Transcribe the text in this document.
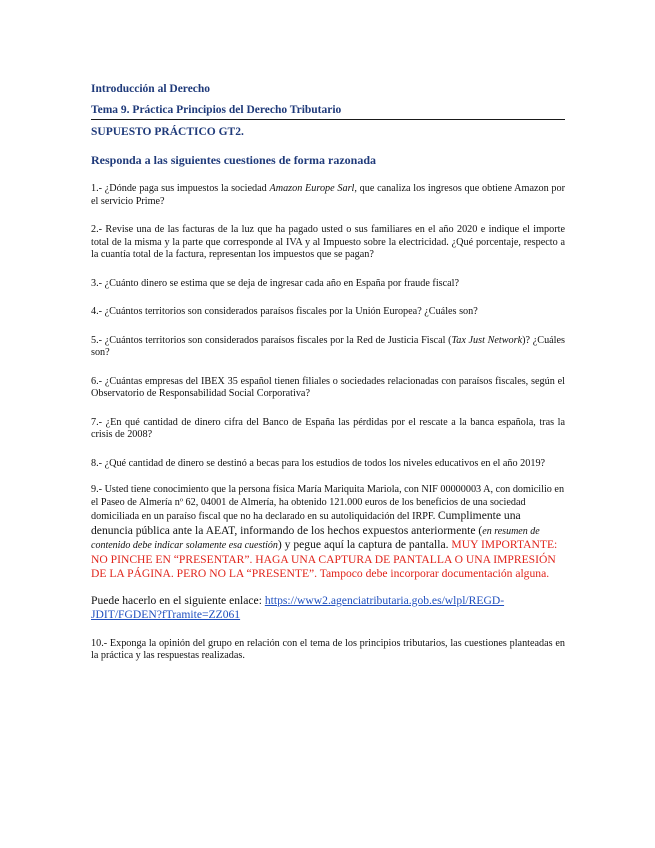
Introducción al Derecho
Tema 9. Práctica Principios del Derecho Tributario
SUPUESTO PRÁCTICO GT2.
Responda a las siguientes cuestiones de forma razonada
1.- ¿Dónde paga sus impuestos la sociedad Amazon Europe Sarl, que canaliza los ingresos que obtiene Amazon por el servicio Prime?
2.- Revise una de las facturas de la luz que ha pagado usted o sus familiares en el año 2020 e indique el importe total de la misma y la parte que corresponde al IVA y al Impuesto sobre la electricidad. ¿Qué porcentaje, respecto a la cuantía total de la factura, representan los impuestos que se pagan?
3.- ¿Cuánto dinero se estima que se deja de ingresar cada año en España por fraude fiscal?
4.- ¿Cuántos territorios son considerados paraísos fiscales por la Unión Europea? ¿Cuáles son?
5.- ¿Cuántos territorios son considerados paraísos fiscales por la Red de Justicia Fiscal (Tax Just Network)? ¿Cuáles son?
6.- ¿Cuántas empresas del IBEX 35 español tienen filiales o sociedades relacionadas con paraísos fiscales, según el Observatorio de Responsabilidad Social Corporativa?
7.- ¿En qué cantidad de dinero cifra del Banco de España las pérdidas por el rescate a la banca española, tras la crisis de 2008?
8.- ¿Qué cantidad de dinero se destinó a becas para los estudios de todos los niveles educativos en el año 2019?
9.- Usted tiene conocimiento que la persona física María Mariquita Mariola, con NIF 00000003 A, con domicilio en el Paseo de Almería nº 62, 04001 de Almería, ha obtenido 121.000 euros de los beneficios de una sociedad domiciliada en un paraíso fiscal que no ha declarado en su autoliquidación del IRPF. Cumplimente una denuncia pública ante la AEAT, informando de los hechos expuestos anteriormente (en resumen de contenido debe indicar solamente esa cuestión) y pegue aquí la captura de pantalla. MUY IMPORTANTE: NO PINCHE EN “PRESENTAR”. HAGA UNA CAPTURA DE PANTALLA O UNA IMPRESIÓN DE LA PÁGINA. PERO NO LA “PRESENTE”. Tampoco debe incorporar documentación alguna.
Puede hacerlo en el siguiente enlace: https://www2.agenciatributaria.gob.es/wlpl/REGD-JDIT/FGDEN?fTramite=ZZ061
10.- Exponga la opinión del grupo en relación con el tema de los principios tributarios, las cuestiones planteadas en la práctica y las respuestas realizadas.
